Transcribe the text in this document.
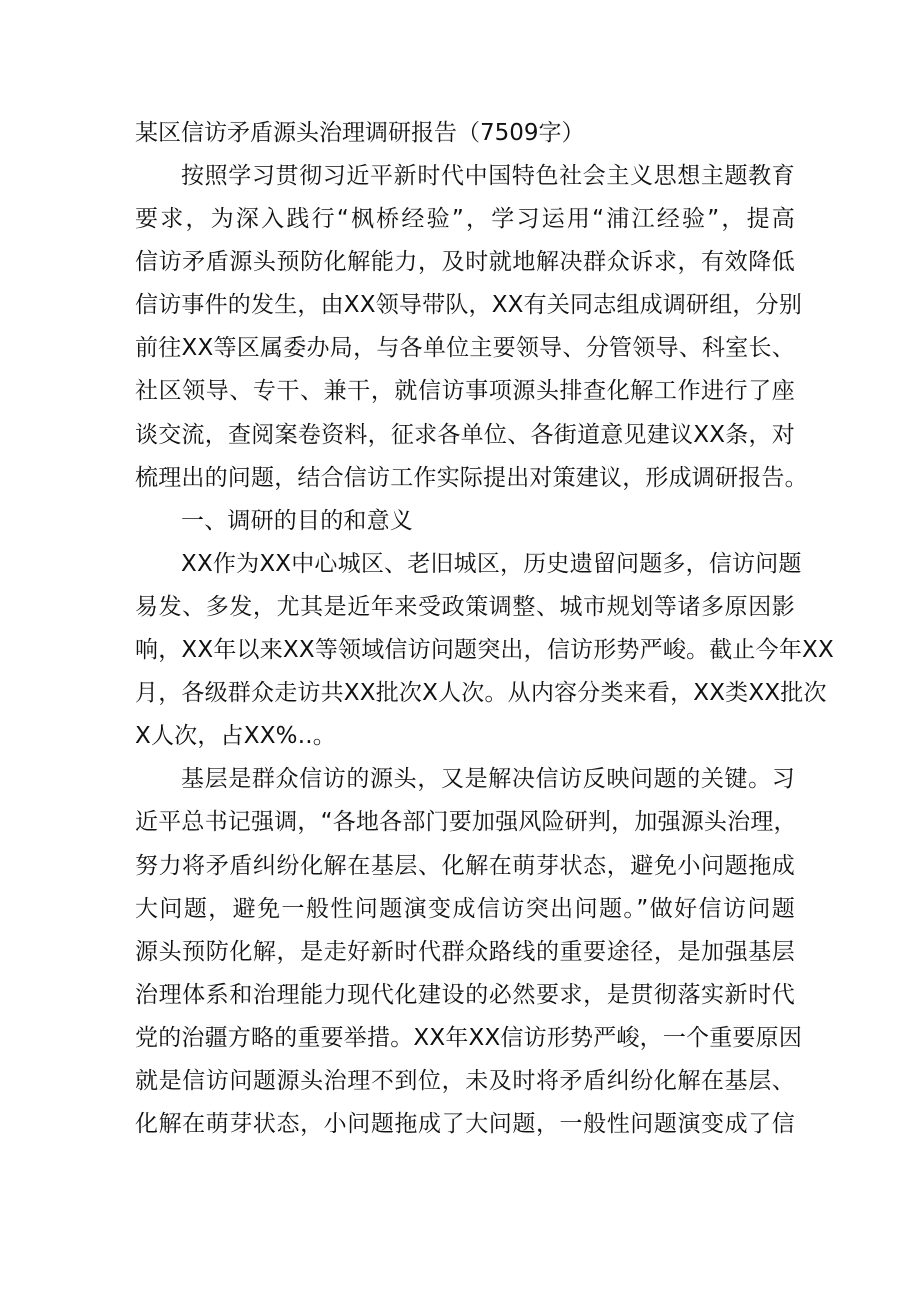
某区信访矛盾源头治理调研报告（7509字）
按照学习贯彻习近平新时代中国特色社会主义思想主题教育
要求，为深入践行“枫桥经验”，学习运用“浦江经验”，提高
信访矛盾源头预防化解能力，及时就地解决群众诉求，有效降低
信访事件的发生，由XX领导带队，XX有关同志组成调研组，分别
前往XX等区属委办局，与各单位主要领导、分管领导、科室长、
社区领导、专干、兼干，就信访事项源头排查化解工作进行了座
谈交流，查阅案卷资料，征求各单位、各街道意见建议XX条，对
梳理出的问题，结合信访工作实际提出对策建议，形成调研报告。
一、调研的目的和意义
XX作为XX中心城区、老旧城区，历史遗留问题多，信访问题
易发、多发，尤其是近年来受政策调整、城市规划等诸多原因影
响，XX年以来XX等领域信访问题突出，信访形势严峻。截止今年XX
月，各级群众走访共XX批次X人次。从内容分类来看，XX类XX批次
X人次，占XX%..。
基层是群众信访的源头，又是解决信访反映问题的关键。习
近平总书记强调，“各地各部门要加强风险研判，加强源头治理，
努力将矛盾纠纷化解在基层、化解在萌芽状态，避免小问题拖成
大问题，避免一般性问题演变成信访突出问题。”做好信访问题
源头预防化解，是走好新时代群众路线的重要途径，是加强基层
治理体系和治理能力现代化建设的必然要求，是贯彻落实新时代
党的治疆方略的重要举措。XX年XX信访形势严峻，一个重要原因
就是信访问题源头治理不到位，未及时将矛盾纠纷化解在基层、
化解在萌芽状态，小问题拖成了大问题，一般性问题演变成了信
